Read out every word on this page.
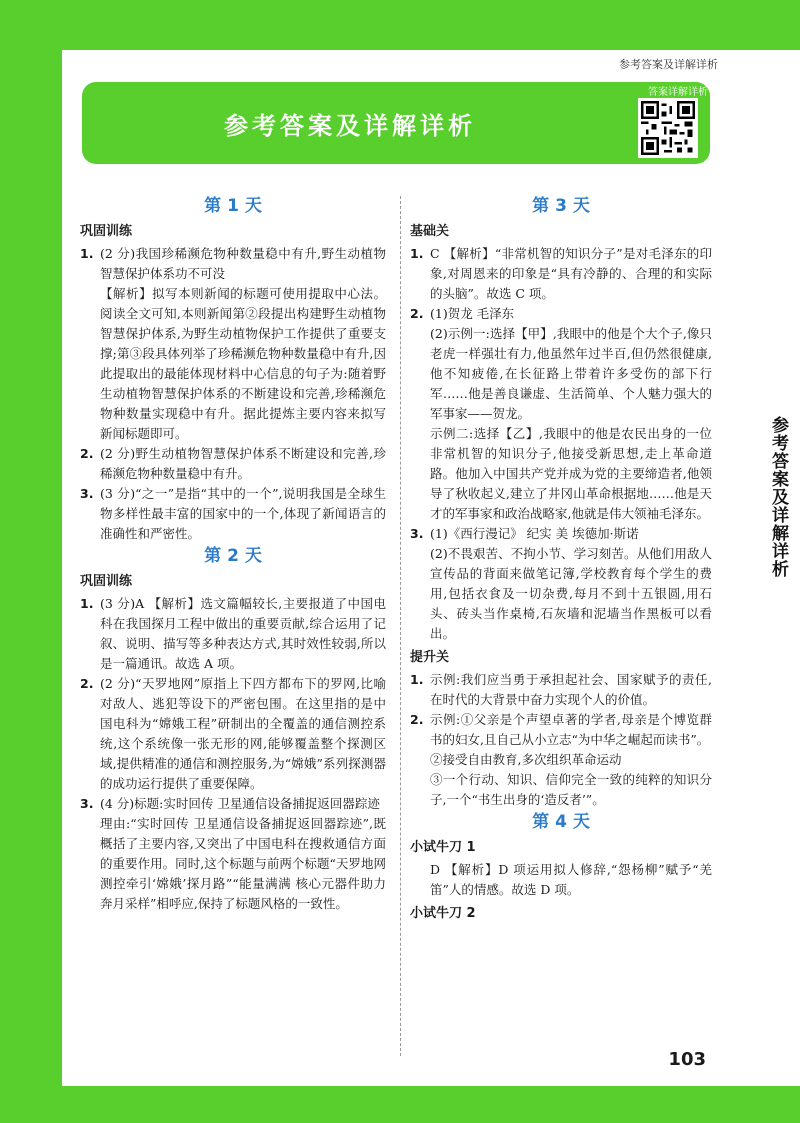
参考答案及详解详析
参考答案及详解详析
答案详解详析
第 1 天
巩固训练
1. (2 分)我国珍稀濒危物种数量稳中有升,野生动植物智慧保护体系功不可没
【解析】拟写本则新闻的标题可使用提取中心法。阅读全文可知,本则新闻第②段提出构建野生动植物智慧保护体系,为野生动植物保护工作提供了重要支撑;第③段具体列举了珍稀濒危物种数量稳中有升,因此提取出的最能体现材料中心信息的句子为:随着野生动植物智慧保护体系的不断建设和完善,珍稀濒危物种数量实现稳中有升。据此提炼主要内容来拟写新闻标题即可。
2. (2 分)野生动植物智慧保护体系不断建设和完善,珍稀濒危物种数量稳中有升。
3. (3 分)“之一”是指“其中的一个”,说明我国是全球生物多样性最丰富的国家中的一个,体现了新闻语言的准确性和严密性。
第 2 天
巩固训练
1. (3 分)A 【解析】选文篇幅较长,主要报道了中国电科在我国探月工程中做出的重要贡献,综合运用了记叙、说明、描写等多种表达方式,其时效性较弱,所以是一篇通讯。故选 A 项。
2. (2 分)“天罗地网”原指上下四方都布下的罗网,比喻对敌人、逃犯等设下的严密包围。在这里指的是中国电科为“嫦娥工程”研制出的全覆盖的通信测控系统,这个系统像一张无形的网,能够覆盖整个探测区域,提供精准的通信和测控服务,为“嫦娥”系列探测器的成功运行提供了重要保障。
3. (4 分)标题:实时回传 卫星通信设备捕捉返回器踪迹
理由:“实时回传 卫星通信设备捕捉返回器踪迹”,既概括了主要内容,又突出了中国电科在搜救通信方面的重要作用。同时,这个标题与前两个标题“天罗地网 测控牵引‘嫦娥’探月路”“能量满满 核心元器件助力奔月采样”相呼应,保持了标题风格的一致性。
第 3 天
基础关
1. C 【解析】“非常机智的知识分子”是对毛泽东的印象,对周恩来的印象是“具有冷静的、合理的和实际的头脑”。故选 C 项。
2. (1)贺龙 毛泽东
(2)示例一:选择【甲】,我眼中的他是个大个子,像只老虎一样强壮有力,他虽然年过半百,但仍然很健康,他不知疲倦,在长征路上带着许多受伤的部下行军……他是善良谦虚、生活简单、个人魅力强大的军事家——贺龙。
示例二:选择【乙】,我眼中的他是农民出身的一位非常机智的知识分子,他接受新思想,走上革命道路。他加入中国共产党并成为党的主要缔造者,他领导了秋收起义,建立了井冈山革命根据地……他是天才的军事家和政治战略家,他就是伟大领袖毛泽东。
3. (1)《西行漫记》 纪实 美 埃德加·斯诺
(2)不畏艰苦、不拘小节、学习刻苦。从他们用敌人宣传品的背面来做笔记簿,学校教育每个学生的费用,包括衣食及一切杂费,每月不到十五银圆,用石头、砖头当作桌椅,石灰墙和泥墙当作黑板可以看出。
提升关
1. 示例:我们应当勇于承担起社会、国家赋予的责任,在时代的大背景中奋力实现个人的价值。
2. 示例:①父亲是个声望卓著的学者,母亲是个博览群书的妇女,且自己从小立志“为中华之崛起而读书”。
②接受自由教育,多次组织革命运动
③一个行动、知识、信仰完全一致的纯粹的知识分子,一个“书生出身的‘造反者’”。
第 4 天
小试牛刀 1
D 【解析】D 项运用拟人修辞,“怨杨柳”赋予“羌笛”人的情感。故选 D 项。
小试牛刀 2
参考答案及详解详析
103
